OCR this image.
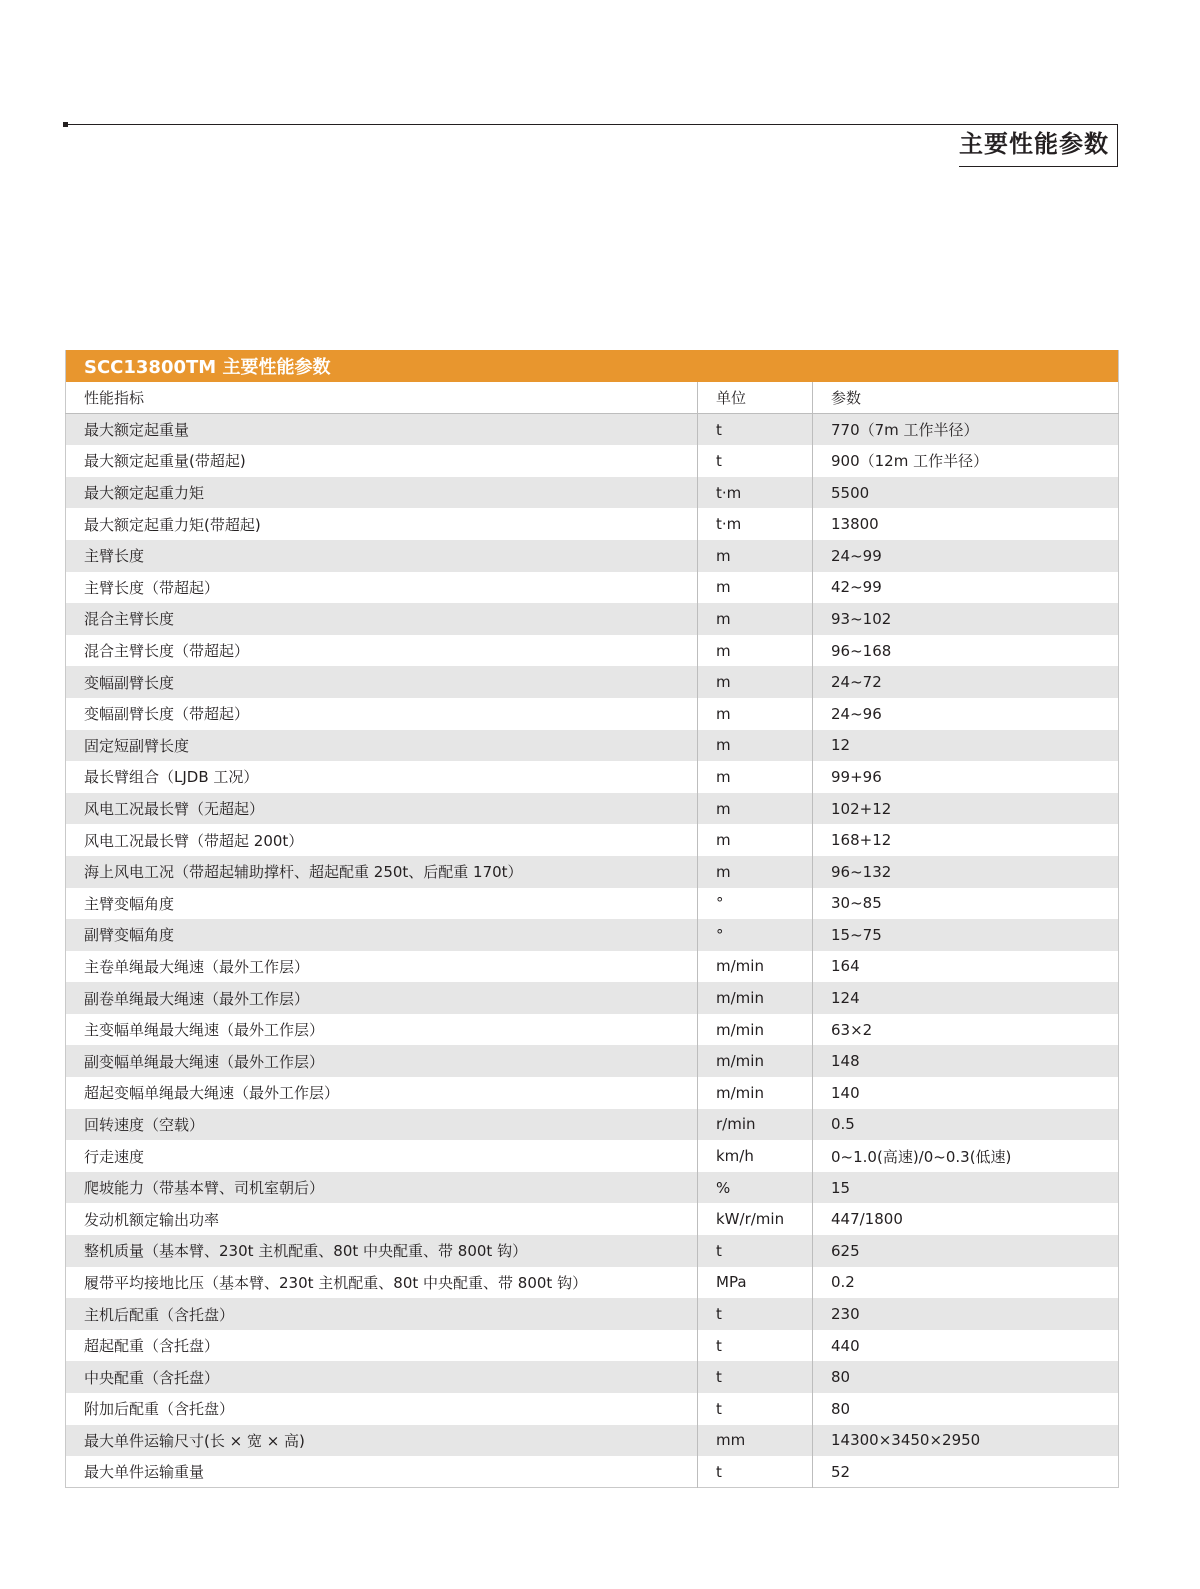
主要性能参数
SCC13800TM 主要性能参数		
性能指标	单位	参数
最大额定起重量	t	770（7m 工作半径）
最大额定起重量(带超起)	t	900（12m 工作半径）
最大额定起重力矩	t·m	5500
最大额定起重力矩(带超起)	t·m	13800
主臂长度	m	24~99
主臂长度（带超起）	m	42~99
混合主臂长度	m	93~102
混合主臂长度（带超起）	m	96~168
变幅副臂长度	m	24~72
变幅副臂长度（带超起）	m	24~96
固定短副臂长度	m	12
最长臂组合（LJDB 工况）	m	99+96
风电工况最长臂（无超起）	m	102+12
风电工况最长臂（带超起 200t）	m	168+12
海上风电工况（带超起辅助撑杆、超起配重 250t、后配重 170t）	m	96~132
主臂变幅角度	°	30~85
副臂变幅角度	°	15~75
主卷单绳最大绳速（最外工作层）	m/min	164
副卷单绳最大绳速（最外工作层）	m/min	124
主变幅单绳最大绳速（最外工作层）	m/min	63×2
副变幅单绳最大绳速（最外工作层）	m/min	148
超起变幅单绳最大绳速（最外工作层）	m/min	140
回转速度（空载）	r/min	0.5
行走速度	km/h	0~1.0(高速)/0~0.3(低速)
爬坡能力（带基本臂、司机室朝后）	%	15
发动机额定输出功率	kW/r/min	447/1800
整机质量（基本臂、230t 主机配重、80t 中央配重、带 800t 钩）	t	625
履带平均接地比压（基本臂、230t 主机配重、80t 中央配重、带 800t 钩）	MPa	0.2
主机后配重（含托盘）	t	230
超起配重（含托盘）	t	440
中央配重（含托盘）	t	80
附加后配重（含托盘）	t	80
最大单件运输尺寸(长 × 宽 × 高)	mm	14300×3450×2950
最大单件运输重量	t	52
